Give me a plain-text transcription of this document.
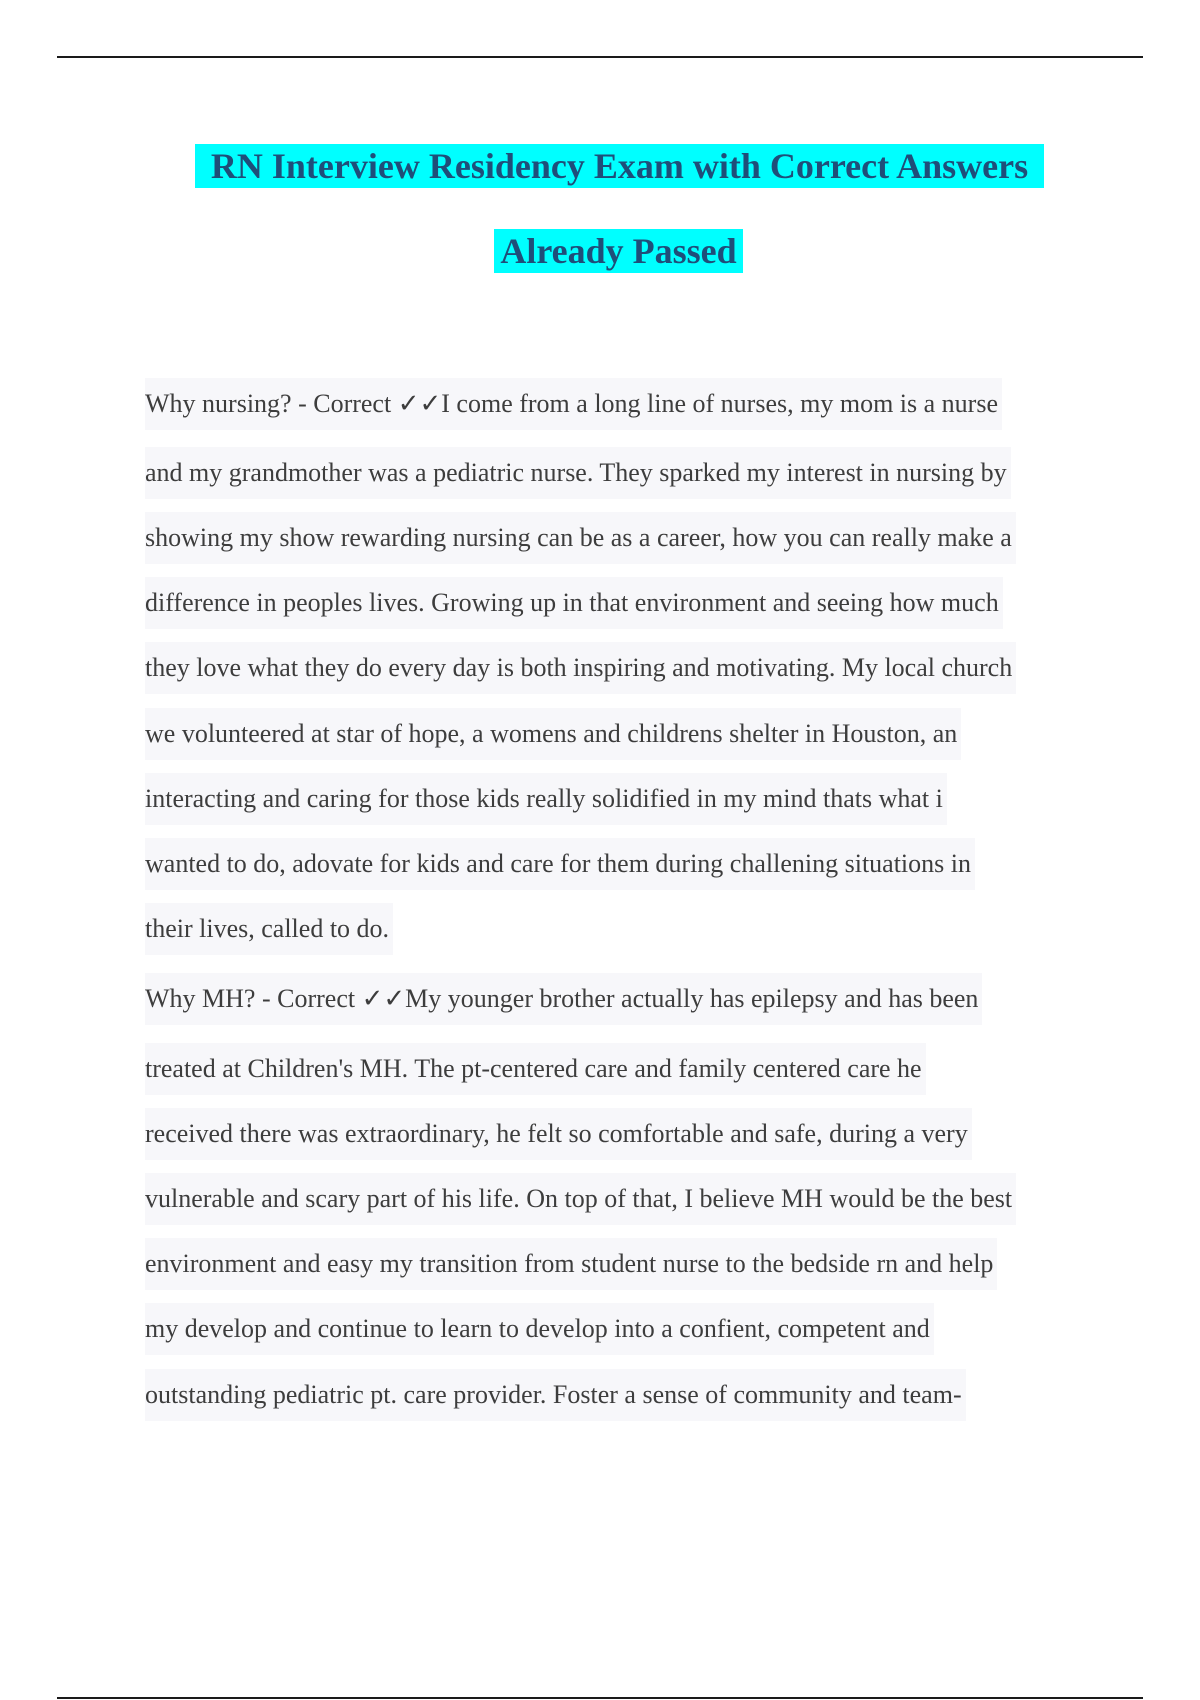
RN Interview Residency Exam with Correct Answers
Already Passed
Why nursing? - Correct ✓✓I come from a long line of nurses, my mom is a nurse
and my grandmother was a pediatric nurse. They sparked my interest in nursing by
showing my show rewarding nursing can be as a career, how you can really make a
difference in peoples lives. Growing up in that environment and seeing how much
they love what they do every day is both inspiring and motivating. My local church
we volunteered at star of hope, a womens and childrens shelter in Houston, an
interacting and caring for those kids really solidified in my mind thats what i
wanted to do, adovate for kids and care for them during challening situations in
their lives, called to do.
Why MH? - Correct ✓✓My younger brother actually has epilepsy and has been
treated at Children's MH. The pt-centered care and family centered care he
received there was extraordinary, he felt so comfortable and safe, during a very
vulnerable and scary part of his life. On top of that, I believe MH would be the best
environment and easy my transition from student nurse to the bedside rn and help
my develop and continue to learn to develop into a confient, competent and
outstanding pediatric pt. care provider. Foster a sense of community and team-
